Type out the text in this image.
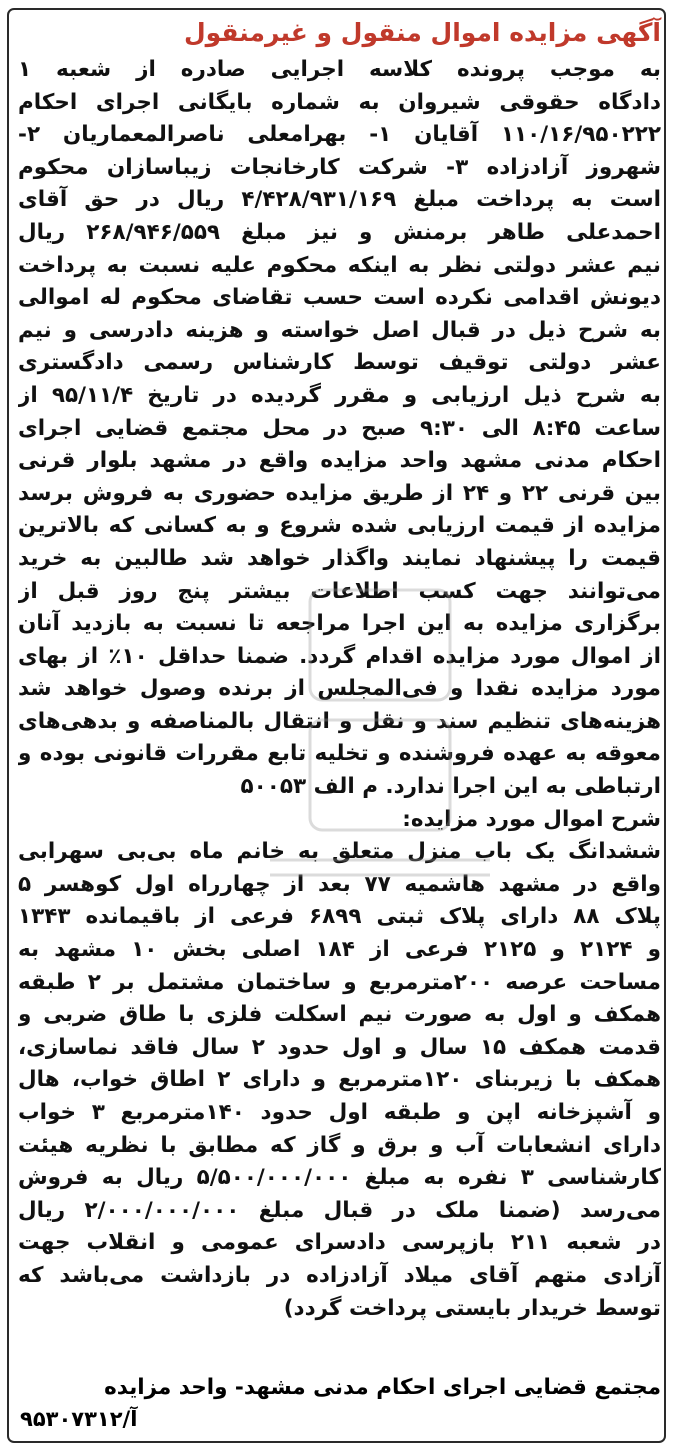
آگهی مزایده اموال منقول و غیرمنقول
به موجب پرونده کلاسه اجرایی صادره از شعبه ۱
دادگاه حقوقی شیروان به شماره بایگانی اجرای احکام
۱۱۰/۱۶/۹۵۰۲۲۲ آقایان ۱- بهرامعلی ناصرالمعماریان ۲-
شهروز آزادزاده ۳- شرکت کارخانجات زیباسازان محکوم
است به پرداخت مبلغ ۴/۴۲۸/۹۳۱/۱۶۹ ریال در حق آقای
احمدعلی طاهر برمنش و نیز مبلغ ۲۶۸/۹۴۶/۵۵۹ ریال
نیم عشر دولتی نظر به اینکه محکوم علیه نسبت به پرداخت
دیونش اقدامی نکرده است حسب تقاضای محکوم له اموالی
به شرح ذیل در قبال اصل خواسته و هزینه دادرسی و نیم
عشر دولتی توقیف توسط کارشناس رسمی دادگستری
به شرح ذیل ارزیابی و مقرر گردیده در تاریخ ۹۵/۱۱/۴ از
ساعت ۸:۴۵ الی ۹:۳۰ صبح در محل مجتمع قضایی اجرای
احکام مدنی مشهد واحد مزایده واقع در مشهد بلوار قرنی
بین قرنی ۲۲ و ۲۴ از طریق مزایده حضوری به فروش برسد
مزایده از قیمت ارزیابی شده شروع و به کسانی که بالاترین
قیمت را پیشنهاد نمایند واگذار خواهد شد طالبین به خرید
می‌توانند جهت کسب اطلاعات بیشتر پنج روز قبل از
برگزاری مزایده به این اجرا مراجعه تا نسبت به بازدید آنان
از اموال مورد مزایده اقدام گردد. ضمنا حداقل ۱۰٪ از بهای
مورد مزایده نقدا و فی‌المجلس از برنده وصول خواهد شد
هزینه‌های تنظیم سند و نقل و انتقال بالمناصفه و بدهی‌های
معوقه به عهده فروشنده و تخلیه تابع مقررات قانونی بوده و
ارتباطی به این اجرا ندارد. م الف ۵۰۰۵۳
شرح اموال مورد مزایده:
ششدانگ یک باب منزل متعلق به خانم ماه بی‌بی سهرابی
واقع در مشهد هاشمیه ۷۷ بعد از چهارراه اول کوهسر ۵
پلاک ۸۸ دارای پلاک ثبتی ۶۸۹۹ فرعی از باقیمانده ۱۳۴۳
و ۲۱۲۴ و ۲۱۲۵ فرعی از ۱۸۴ اصلی بخش ۱۰ مشهد به
مساحت عرصه ۲۰۰مترمربع و ساختمان مشتمل بر ۲ طبقه
همکف و اول به صورت نیم اسکلت فلزی با طاق ضربی و
قدمت همکف ۱۵ سال و اول حدود ۲ سال فاقد نماسازی،
همکف با زیربنای ۱۲۰مترمربع و دارای ۲ اطاق خواب، هال
و آشپزخانه اپن و طبقه اول حدود ۱۴۰مترمربع ۳ خواب
دارای انشعابات آب و برق و گاز که مطابق با نظریه هیئت
کارشناسی ۳ نفره به مبلغ ۵/۵۰۰/۰۰۰/۰۰۰ ریال به فروش
می‌رسد (ضمنا ملک در قبال مبلغ ۲/۰۰۰/۰۰۰/۰۰۰ ریال
در شعبه ۲۱۱ بازپرسی دادسرای عمومی و انقلاب جهت
آزادی متهم آقای میلاد آزادزاده در بازداشت می‌باشد که
توسط خریدار بایستی پرداخت گردد)
مجتمع قضایی اجرای احکام مدنی مشهد- واحد مزایده
آ/۹۵۳۰۷۳۱۲
